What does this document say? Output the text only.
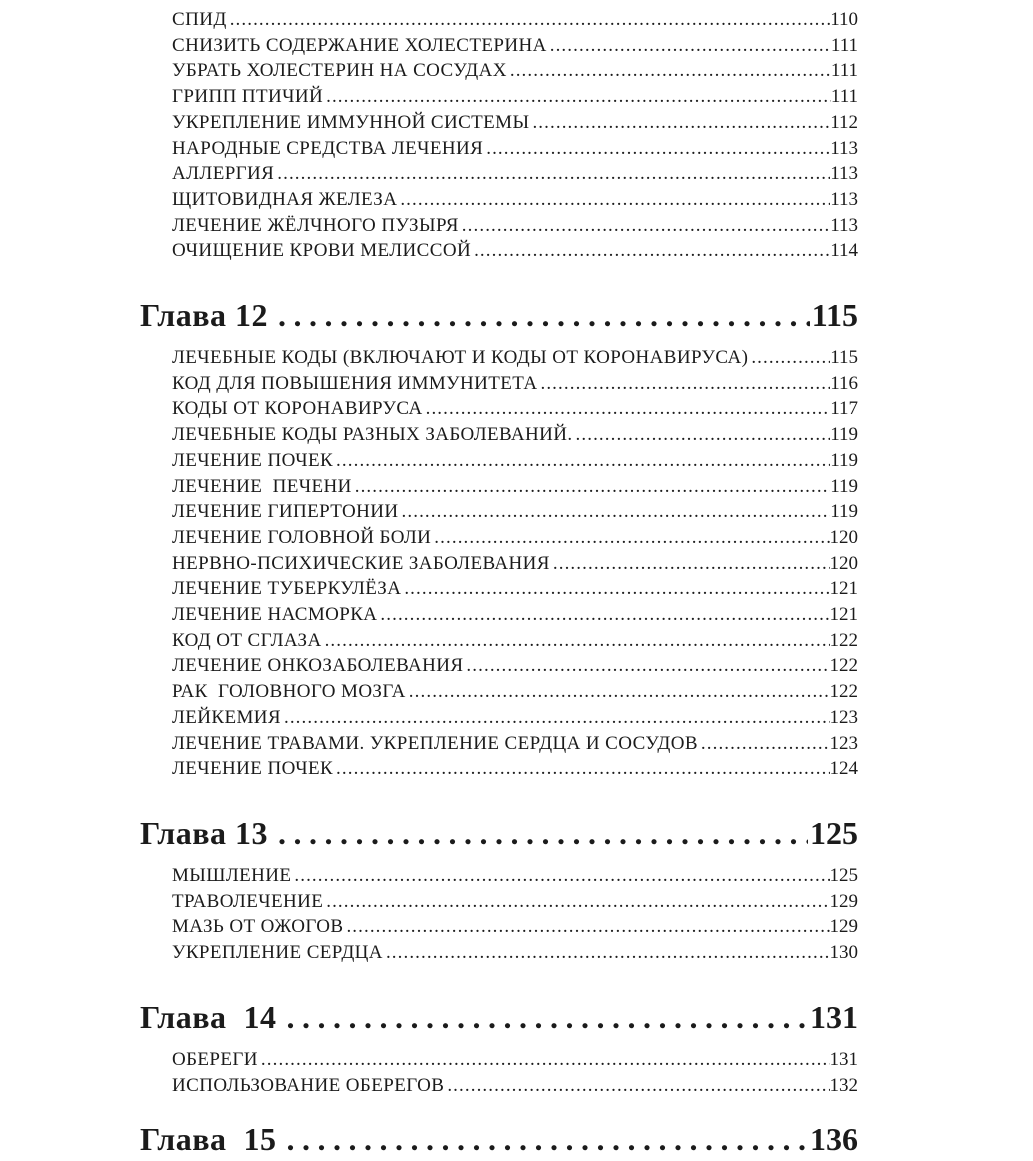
СПИД .....	110
СНИЗИТЬ СОДЕРЖАНИЕ ХОЛЕСТЕРИНА .....	111
УБРАТЬ ХОЛЕСТЕРИН НА СОСУДАХ .....	111
ГРИПП ПТИЧИЙ .....	111
УКРЕПЛЕНИЕ ИММУННОЙ СИСТЕМЫ .....	112
НАРОДНЫЕ СРЕДСТВА ЛЕЧЕНИЯ .....	113
АЛЛЕРГИЯ .....	113
ЩИТОВИДНАЯ ЖЕЛЕЗА .....	113
ЛЕЧЕНИЕ ЖЁЛЧНОГО ПУЗЫРЯ .....	113
ОЧИЩЕНИЕ КРОВИ МЕЛИССОЙ .....	114
Глава 12 .....	115
ЛЕЧЕБНЫЕ КОДЫ (ВКЛЮЧАЮТ И КОДЫ ОТ КОРОНАВИРУСА) .....	115
КОД ДЛЯ ПОВЫШЕНИЯ ИММУНИТЕТА .....	116
КОДЫ ОТ КОРОНАВИРУСА .....	117
ЛЕЧЕБНЫЕ КОДЫ РАЗНЫХ ЗАБОЛЕВАНИЙ. .....	119
ЛЕЧЕНИЕ ПОЧЕК .....	119
ЛЕЧЕНИЕ  ПЕЧЕНИ .....	119
ЛЕЧЕНИЕ ГИПЕРТОНИИ .....	119
ЛЕЧЕНИЕ ГОЛОВНОЙ БОЛИ .....	120
НЕРВНО-ПСИХИЧЕСКИЕ ЗАБОЛЕВАНИЯ .....	120
ЛЕЧЕНИЕ ТУБЕРКУЛЁЗА .....	121
ЛЕЧЕНИЕ НАСМОРКА .....	121
КОД ОТ СГЛАЗА .....	122
ЛЕЧЕНИЕ ОНКОЗАБОЛЕВАНИЯ .....	122
РАК  ГОЛОВНОГО МОЗГА .....	122
ЛЕЙКЕМИЯ .....	123
ЛЕЧЕНИЕ ТРАВАМИ. УКРЕПЛЕНИЕ СЕРДЦА И СОСУДОВ .....	123
ЛЕЧЕНИЕ ПОЧЕК .....	124
Глава 13 .....	125
МЫШЛЕНИЕ .....	125
ТРАВОЛЕЧЕНИЕ .....	129
МАЗЬ ОТ ОЖОГОВ .....	129
УКРЕПЛЕНИЕ СЕРДЦА .....	130
Глава  14 .....	131
ОБЕРЕГИ .....	131
ИСПОЛЬЗОВАНИЕ ОБЕРЕГОВ .....	132
Глава  15 .....	136
